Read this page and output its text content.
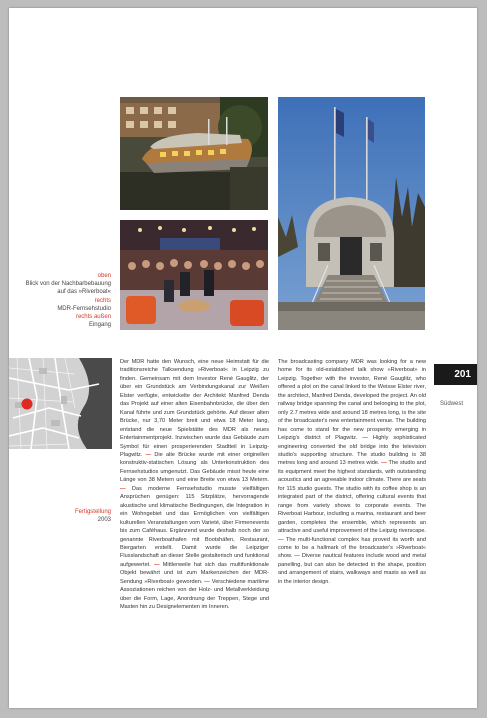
oben
Blick von der Nachbarbebauung
auf das »Riverboat«
rechts
MDR-Fernsehstudio
rechts außen
Eingang
Fertigstellung
2003

Der MDR hatte den Wunsch, eine neue Heimstatt für die traditionsreiche Talksendung »Riverboat« in Leipzig zu finden. Gemeinsam mit dem Investor René Gauglitz, der über ein Grundstück am Verbindungskanal zur Weißen Elster verfügte, entwickelte der Architekt Manfred Denda das Projekt auf einer alten Eisenbahnbrücke, die über den Kanal führte und zum Grundstück gehörte. Auf dieser alten Brücke, nur 3,70 Meter breit und etwa 18 Meter lang, entstand die neue Spielstätte des MDR als neues Entertainmentprojekt. Inzwischen wurde das Gebäude zum Symbol für einen prosperierenden Stadtteil in Leipzig-Plagwitz. — Die alte Brücke wurde mit einer originellen konstruktiv-statischen Lösung als Unterkonstruktion des Fernsehstudios umgenutzt. Das Gebäude misst heute eine Länge von 38 Metern und eine Breite von etwa 13 Metern. — Das moderne Fernsehstudio musste vielfältigen Ansprüchen genügen: 115 Sitzplätze, hervorragende akustische und klimatische Bedingungen, die Integration in ein Wohngebiet und das Ermöglichen von vielfältigen kulturellen Veranstaltungen vom Varieté, über Firmenevents bis zum Caféhaus. Ergänzend wurde deshalb noch der so genannte Riverboathafen mit Bootshäfen, Restaurant, Biergarten erstellt. Damit wurde die Leipziger Flusslandschaft an dieser Stelle gestalterisch und funktional aufgewertet. — Mittlerweile hat sich das multifunktionale Objekt bewährt und ist zum Markenzeichen der MDR-Sendung »Riverboat« geworden. — Verschiedene maritime Assoziationen reichen von der Holz- und Metallverkleidung über die Form, Lage, Anordnung der Treppen, Stege und Masten hin zu Designelementen im Inneren.

The broadcasting company MDR was looking for a new home for its old-established talk show »Riverboat« in Leipzig. Together with the investor, René Gauglitz, who offered a plot on the canal linked to the Weisse Elster river, the architect, Manfred Denda, developed the project. An old railway bridge spanning the canal and belonging to the plot, only 2.7 metres wide and around 18 metres long, is the site of the broadcaster's new entertainment venue. The building has come to stand for the new prosperity emerging in Leipzig's district of Plagwitz. — Highly sophisticated engineering converted the old bridge into the television studio's supporting structure. The studio building is 38 metres long and around 13 metres wide. — The studio and its equipment meet the highest standards, with outstanding acoustics and an agreeable indoor climate. There are seats for 115 studio guests. The studio with its coffee shop is an integrated part of the district, offering cultural events that range from variety shows to corporate events. The Riverboat Harbour, including a marina, restaurant and beer garden, completes the ensemble, which represents an attractive and useful improvement of the Leipzig riverscape. — The multi-functional complex has proved its worth and come to be a hallmark of the broadcaster's »Riverboat« show. — Diverse nautical features include wood and metal panelling, but can also be detected in the shape, position and arrangement of stairs, walkways and masts as well as in the interior design.

201
Südwest
